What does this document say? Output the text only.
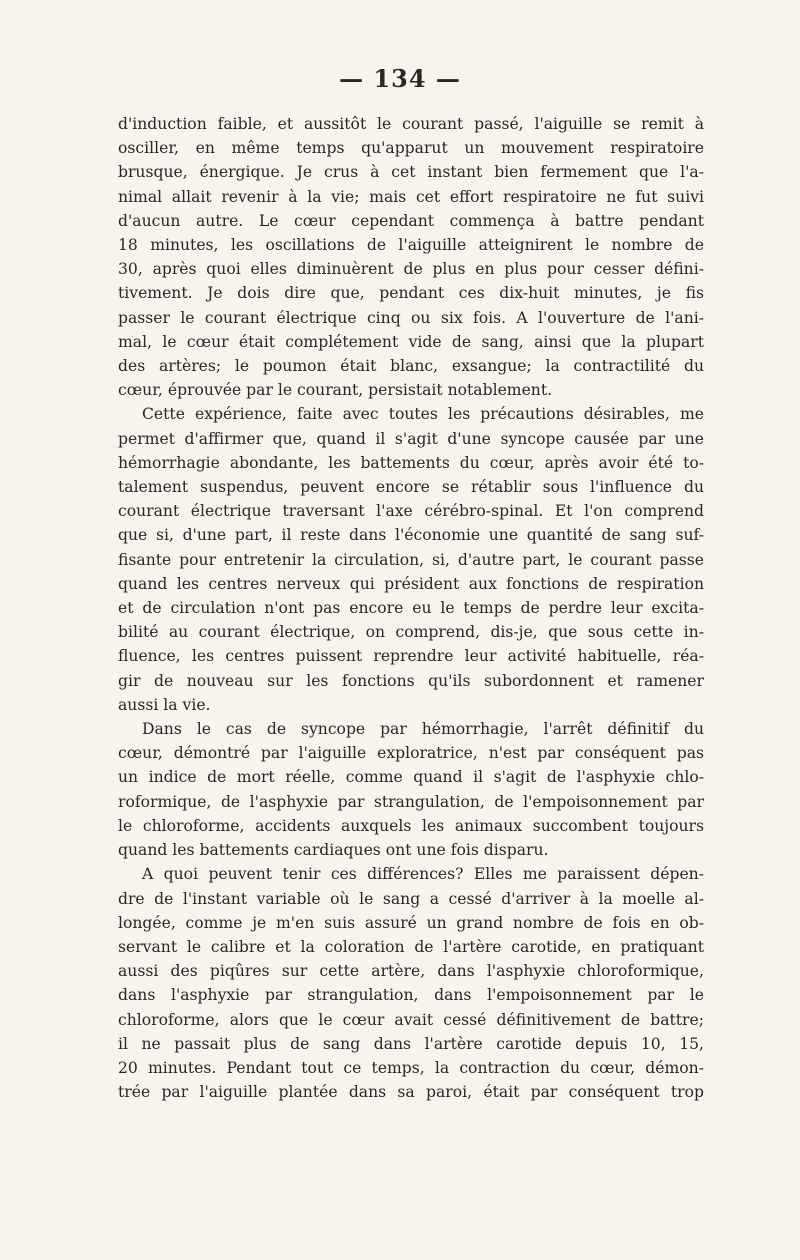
— 134 —
d'induction faible, et aussitôt le courant passé, l'aiguille se remit à
osciller, en même temps qu'apparut un mouvement respiratoire
brusque, énergique. Je crus à cet instant bien fermement que l'a-
nimal allait revenir à la vie; mais cet effort respiratoire ne fut suivi
d'aucun autre. Le cœur cependant commença à battre pendant
18 minutes, les oscillations de l'aiguille atteignirent le nombre de
30, après quoi elles diminuèrent de plus en plus pour cesser défini-
tivement. Je dois dire que, pendant ces dix-huit minutes, je fis
passer le courant électrique cinq ou six fois. A l'ouverture de l'ani-
mal, le cœur était complétement vide de sang, ainsi que la plupart
des artères; le poumon était blanc, exsangue; la contractilité du
cœur, éprouvée par le courant, persistait notablement.
Cette expérience, faite avec toutes les précautions désirables, me
permet d'affirmer que, quand il s'agit d'une syncope causée par une
hémorrhagie abondante, les battements du cœur, après avoir été to-
talement suspendus, peuvent encore se rétablir sous l'influence du
courant électrique traversant l'axe cérébro-spinal. Et l'on comprend
que si, d'une part, il reste dans l'économie une quantité de sang suf-
fisante pour entretenir la circulation, si, d'autre part, le courant passe
quand les centres nerveux qui président aux fonctions de respiration
et de circulation n'ont pas encore eu le temps de perdre leur excita-
bilité au courant électrique, on comprend, dis-je, que sous cette in-
fluence, les centres puissent reprendre leur activité habituelle, réa-
gir de nouveau sur les fonctions qu'ils subordonnent et ramener
aussi la vie.
Dans le cas de syncope par hémorrhagie, l'arrêt définitif du
cœur, démontré par l'aiguille exploratrice, n'est par conséquent pas
un indice de mort réelle, comme quand il s'agit de l'asphyxie chlo-
roformique, de l'asphyxie par strangulation, de l'empoisonnement par
le chloroforme, accidents auxquels les animaux succombent toujours
quand les battements cardiaques ont une fois disparu.
A quoi peuvent tenir ces différences? Elles me paraissent dépen-
dre de l'instant variable où le sang a cessé d'arriver à la moelle al-
longée, comme je m'en suis assuré un grand nombre de fois en ob-
servant le calibre et la coloration de l'artère carotide, en pratiquant
aussi des piqûres sur cette artère, dans l'asphyxie chloroformique,
dans l'asphyxie par strangulation, dans l'empoisonnement par le
chloroforme, alors que le cœur avait cessé définitivement de battre;
il ne passait plus de sang dans l'artère carotide depuis 10, 15,
20 minutes. Pendant tout ce temps, la contraction du cœur, démon-
trée par l'aiguille plantée dans sa paroi, était par conséquent trop
